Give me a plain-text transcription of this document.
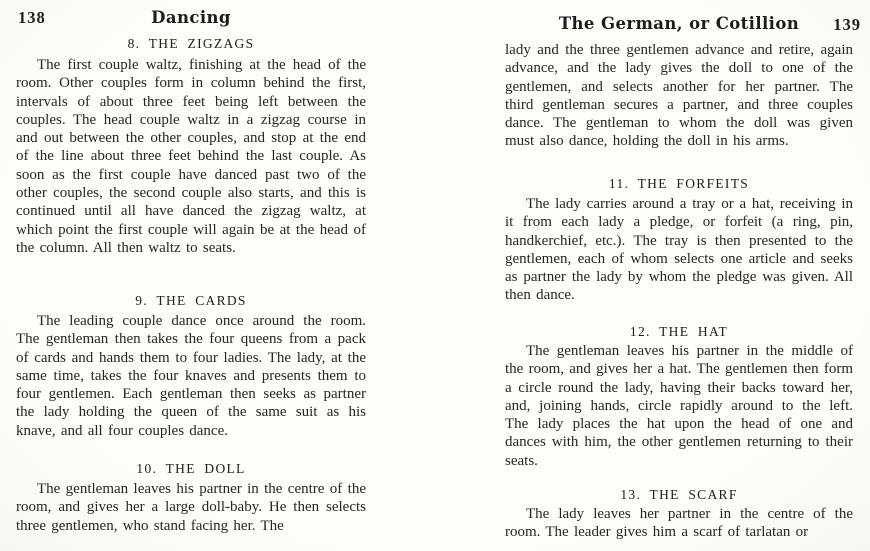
138	Dancing
8. THE ZIGZAGS
The first couple waltz, finishing at the head of the room. Other couples form in column behind the first, intervals of about three feet being left between the couples. The head couple waltz in a zigzag course in and out between the other couples, and stop at the end of the line about three feet behind the last couple. As soon as the first couple have danced past two of the other couples, the second couple also starts, and this is continued until all have danced the zigzag waltz, at which point the first couple will again be at the head of the column. All then waltz to seats.
9. THE CARDS
The leading couple dance once around the room. The gentleman then takes the four queens from a pack of cards and hands them to four ladies. The lady, at the same time, takes the four knaves and presents them to four gentlemen. Each gentleman then seeks as partner the lady holding the queen of the same suit as his knave, and all four couples dance.
10. THE DOLL
The gentleman leaves his partner in the centre of the room, and gives her a large doll-baby. He then selects three gentlemen, who stand facing her. The
The German, or Cotillion	139
lady and the three gentlemen advance and retire, again advance, and the lady gives the doll to one of the gentlemen, and selects another for her partner. The third gentleman secures a partner, and three couples dance. The gentleman to whom the doll was given must also dance, holding the doll in his arms.
11. THE FORFEITS
The lady carries around a tray or a hat, receiving in it from each lady a pledge, or forfeit (a ring, pin, handkerchief, etc.). The tray is then presented to the gentlemen, each of whom selects one article and seeks as partner the lady by whom the pledge was given. All then dance.
12. THE HAT
The gentleman leaves his partner in the middle of the room, and gives her a hat. The gentlemen then form a circle round the lady, having their backs toward her, and, joining hands, circle rapidly around to the left. The lady places the hat upon the head of one and dances with him, the other gentlemen returning to their seats.
13. THE SCARF
The lady leaves her partner in the centre of the room. The leader gives him a scarf of tarlatan or
